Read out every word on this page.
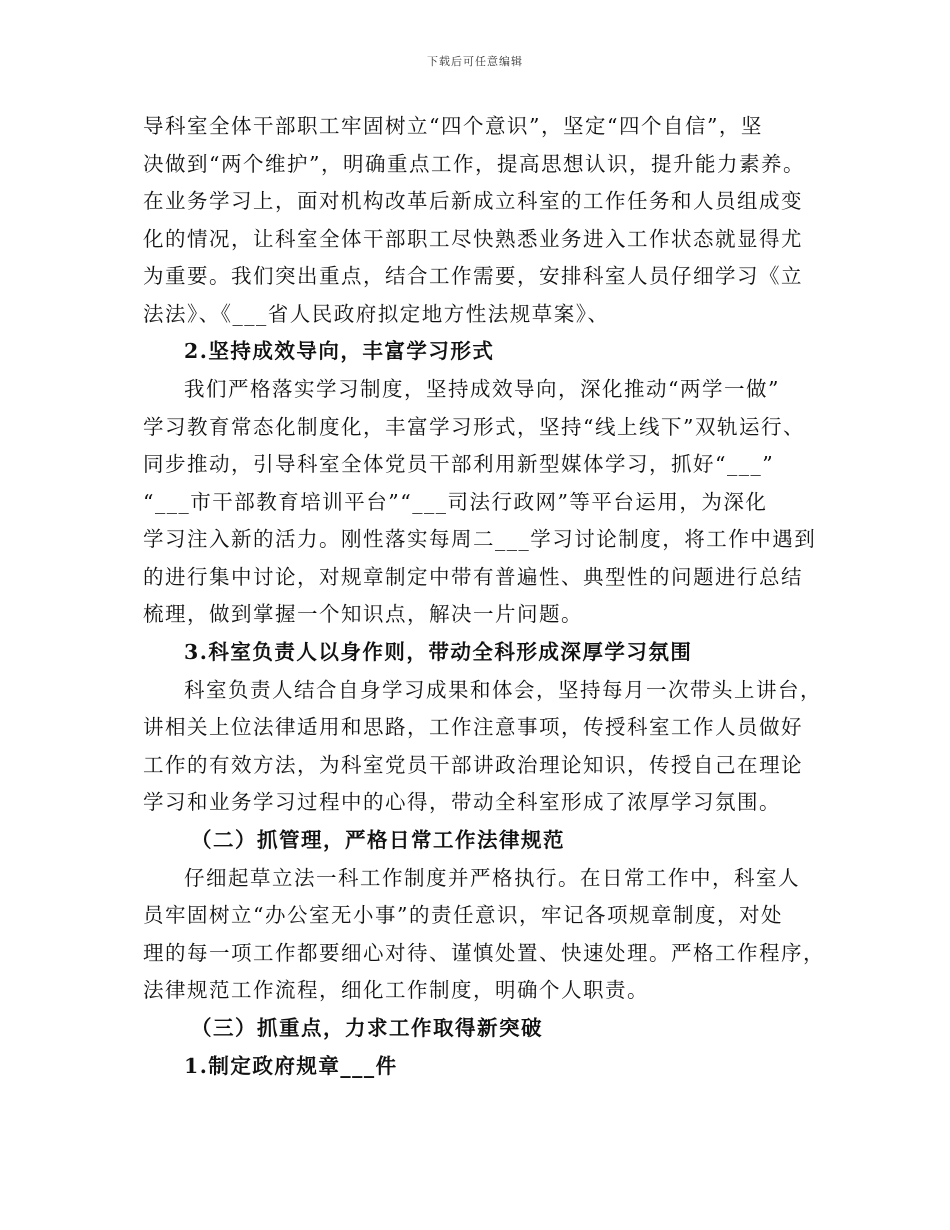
下载后可任意编辑
导科室全体干部职工牢固树立“四个意识”，坚定“四个自信”，坚
决做到“两个维护”，明确重点工作，提高思想认识，提升能力素养。
在业务学习上，面对机构改革后新成立科室的工作任务和人员组成变
化的情况，让科室全体干部职工尽快熟悉业务进入工作状态就显得尤
为重要。我们突出重点，结合工作需要，安排科室人员仔细学习《立
法法》、《___省人民政府拟定地方性法规草案》、
2.坚持成效导向，丰富学习形式
我们严格落实学习制度，坚持成效导向，深化推动“两学一做”
学习教育常态化制度化，丰富学习形式，坚持“线上线下”双轨运行、
同步推动，引导科室全体党员干部利用新型媒体学习，抓好“___”
“___市干部教育培训平台”“___司法行政网”等平台运用，为深化
学习注入新的活力。刚性落实每周二___学习讨论制度，将工作中遇到
的进行集中讨论，对规章制定中带有普遍性、典型性的问题进行总结
梳理，做到掌握一个知识点，解决一片问题。
3.科室负责人以身作则，带动全科形成深厚学习氛围
科室负责人结合自身学习成果和体会，坚持每月一次带头上讲台，
讲相关上位法律适用和思路，工作注意事项，传授科室工作人员做好
工作的有效方法，为科室党员干部讲政治理论知识，传授自己在理论
学习和业务学习过程中的心得，带动全科室形成了浓厚学习氛围。
（二）抓管理，严格日常工作法律规范
仔细起草立法一科工作制度并严格执行。在日常工作中，科室人
员牢固树立“办公室无小事”的责任意识，牢记各项规章制度，对处
理的每一项工作都要细心对待、谨慎处置、快速处理。严格工作程序，
法律规范工作流程，细化工作制度，明确个人职责。
（三）抓重点，力求工作取得新突破
1.制定政府规章___件
